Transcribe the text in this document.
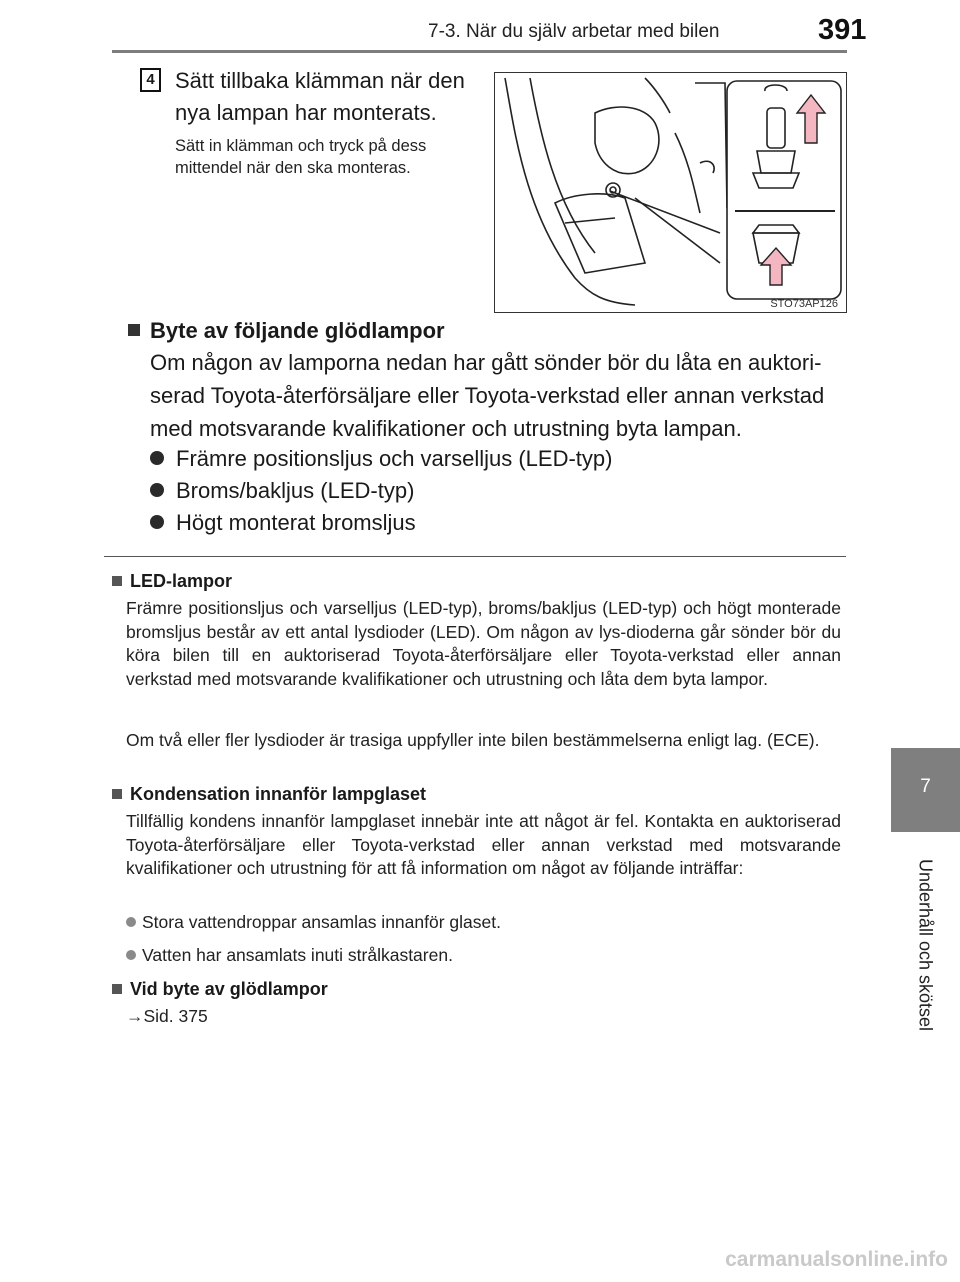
7-3. När du själv arbetar med bilen	391
7
Underhåll och skötsel
4 Sätt tillbaka klämman när den nya lampan har monterats.
Sätt in klämman och tryck på dess mittendel när den ska monteras.
STO73AP126
Byte av följande glödlampor
Om någon av lamporna nedan har gått sönder bör du låta en auktori-serad Toyota-återförsäljare eller Toyota-verkstad eller annan verkstad med motsvarande kvalifikationer och utrustning byta lampan.
Främre positionsljus och varselljus (LED-typ)
Broms/bakljus (LED-typ)
Högt monterat bromsljus
LED-lampor
Främre positionsljus och varselljus (LED-typ), broms/bakljus (LED-typ) och högt monterade bromsljus består av ett antal lysdioder (LED). Om någon av lys-dioderna går sönder bör du köra bilen till en auktoriserad Toyota-återförsäljare eller Toyota-verkstad eller annan verkstad med motsvarande kvalifikationer och utrustning och låta dem byta lampor.
Om två eller fler lysdioder är trasiga uppfyller inte bilen bestämmelserna enligt lag. (ECE).
Kondensation innanför lampglaset
Tillfällig kondens innanför lampglaset innebär inte att något är fel. Kontakta en auktoriserad Toyota-återförsäljare eller Toyota-verkstad eller annan verkstad med motsvarande kvalifikationer och utrustning för att få information om något av följande inträffar:
Stora vattendroppar ansamlas innanför glaset.
Vatten har ansamlats inuti strålkastaren.
Vid byte av glödlampor
→Sid. 375
carmanualsonline.info
